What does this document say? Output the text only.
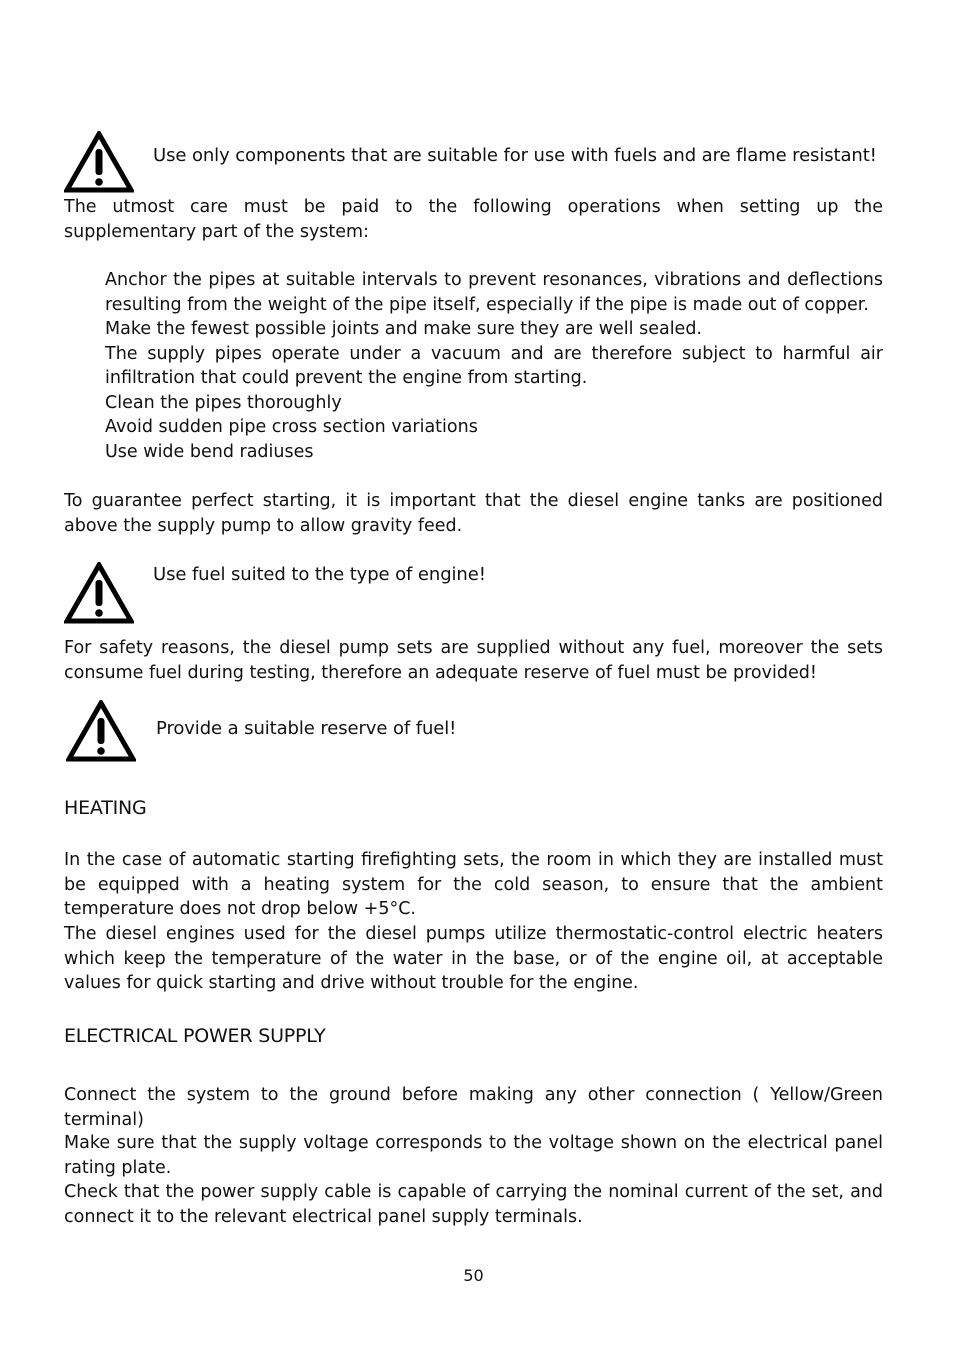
Use only components that are suitable for use with fuels and are flame resistant!
The utmost care must be paid to the following operations when setting up the supplementary part of the system:
Anchor the pipes at suitable intervals to prevent resonances, vibrations and deflections resulting from the weight of the pipe itself, especially if the pipe is made out of copper.
Make the fewest possible joints and make sure they are well sealed.
The supply pipes operate under a vacuum and are therefore subject to harmful air infiltration that could prevent the engine from starting.
Clean the pipes thoroughly
Avoid sudden pipe cross section variations
Use wide bend radiuses
To guarantee perfect starting, it is important that the diesel engine tanks are positioned above the supply pump to allow gravity feed.
Use fuel suited to the type of engine!
For safety reasons, the diesel pump sets are supplied without any fuel, moreover the sets consume fuel during testing, therefore an adequate reserve of fuel must be provided!
Provide a suitable reserve of fuel!
HEATING
In the case of automatic starting firefighting sets, the room in which they are installed must be equipped with a heating system for the cold season, to ensure that the ambient temperature does not drop below +5°C.
The diesel engines used for the diesel pumps utilize thermostatic-control electric heaters which keep the temperature of the water in the base, or of the engine oil, at acceptable values for quick starting and drive without trouble for the engine.
ELECTRICAL POWER SUPPLY
Connect the system to the ground before making any other connection ( Yellow/Green terminal)
Make sure that the supply voltage corresponds to the voltage shown on the electrical panel rating plate.
Check that the power supply cable is capable of carrying the nominal current of the set, and connect it to the relevant electrical panel supply terminals.
50
